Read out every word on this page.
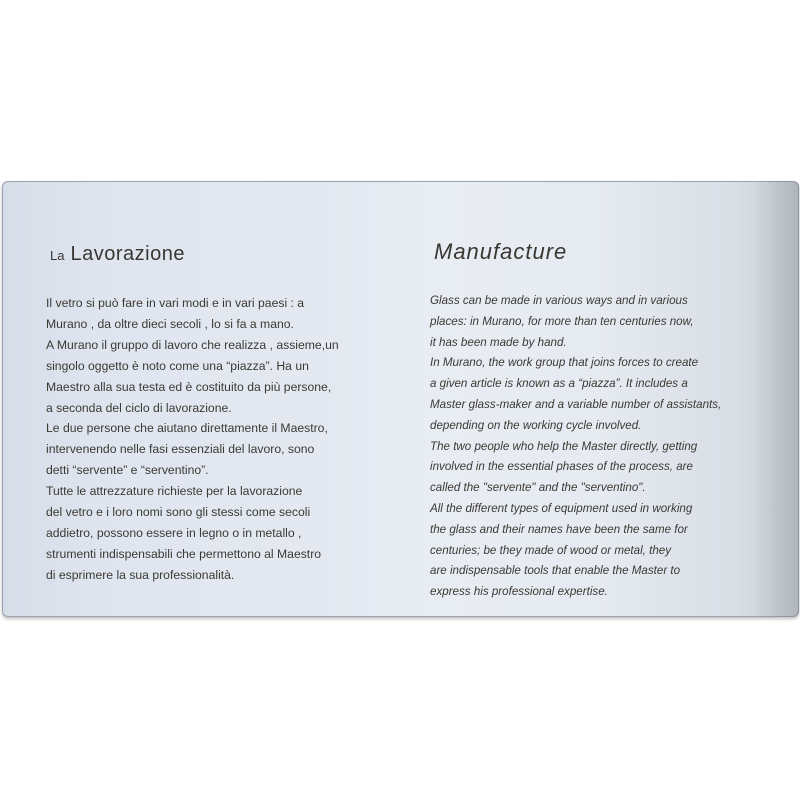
La Lavorazione
Il vetro si può fare in vari modi e in vari paesi : a
Murano , da oltre dieci secoli , lo si fa a mano.
A Murano il gruppo di lavoro che realizza , assieme,un
singolo oggetto è noto come una “piazza”. Ha un
Maestro alla sua testa ed è costituito da più persone,
a seconda del ciclo di lavorazione.
Le due persone che aiutano direttamente il Maestro,
intervenendo nelle fasi essenziali del lavoro, sono
detti “servente” e “serventino”.
Tutte le attrezzature richieste per la lavorazione
del vetro e i loro nomi sono gli stessi come secoli
addietro, possono essere in legno o in metallo ,
strumenti indispensabili che permettono al Maestro
di esprimere la sua professionalità.
Manufacture
Glass can be made in various ways and in various
places: in Murano, for more than ten centuries now,
it has been made by hand.
In Murano, the work group that joins forces to create
a given article is known as a “piazza”. It includes a
Master glass-maker and a variable number of assistants,
depending on the working cycle involved.
The two people who help the Master directly, getting
involved in the essential phases of the process, are
called the "servente" and the "serventino".
All the different types of equipment used in working
the glass and their names have been the same for
centuries; be they made of wood or metal, they
are indispensable tools that enable the Master to
express his professional expertise.
